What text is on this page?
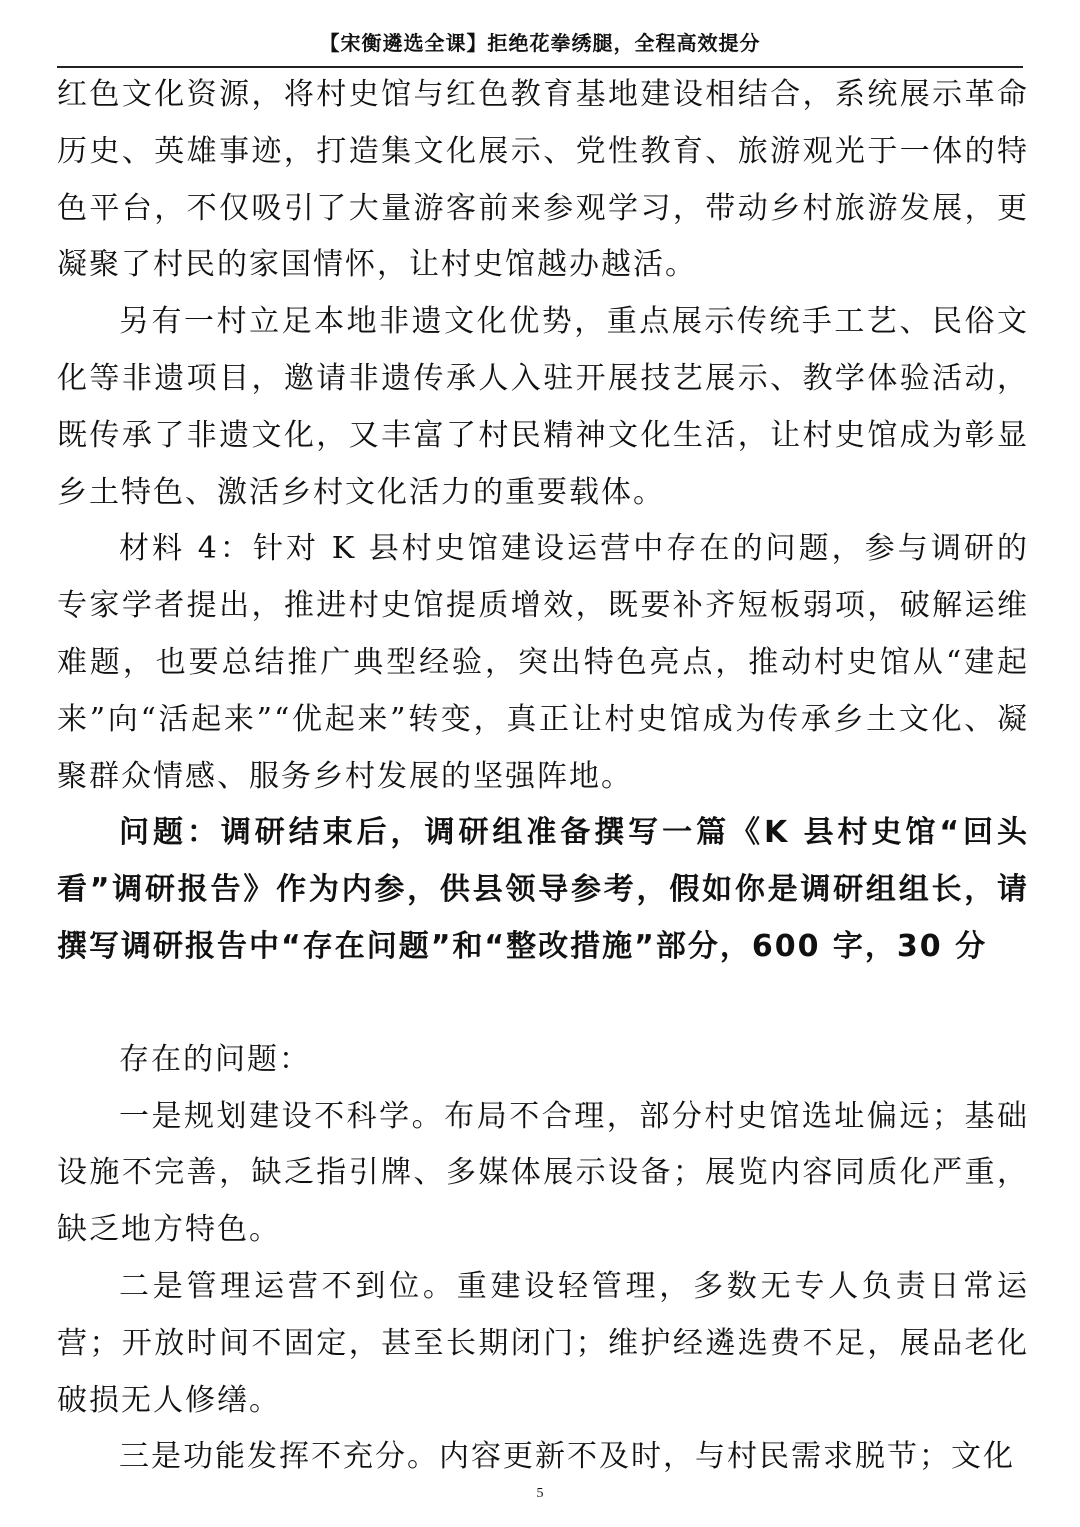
【宋衡遴选全课】拒绝花拳绣腿，全程高效提分

红色文化资源，将村史馆与红色教育基地建设相结合，系统展示革命历史、英雄事迹，打造集文化展示、党性教育、旅游观光于一体的特色平台，不仅吸引了大量游客前来参观学习，带动乡村旅游发展，更凝聚了村民的家国情怀，让村史馆越办越活。

另有一村立足本地非遗文化优势，重点展示传统手工艺、民俗文化等非遗项目，邀请非遗传承人入驻开展技艺展示、教学体验活动，既传承了非遗文化，又丰富了村民精神文化生活，让村史馆成为彰显乡土特色、激活乡村文化活力的重要载体。

材料 4：针对 K 县村史馆建设运营中存在的问题，参与调研的专家学者提出，推进村史馆提质增效，既要补齐短板弱项，破解运维难题，也要总结推广典型经验，突出特色亮点，推动村史馆从“建起来”向“活起来”“优起来”转变，真正让村史馆成为传承乡土文化、凝聚群众情感、服务乡村发展的坚强阵地。

问题：调研结束后，调研组准备撰写一篇《K 县村史馆“回头看”调研报告》作为内参，供县领导参考，假如你是调研组组长，请撰写调研报告中“存在问题”和“整改措施”部分，600 字，30 分

存在的问题：

一是规划建设不科学。布局不合理，部分村史馆选址偏远；基础设施不完善，缺乏指引牌、多媒体展示设备；展览内容同质化严重，缺乏地方特色。

二是管理运营不到位。重建设轻管理，多数无专人负责日常运营；开放时间不固定，甚至长期闭门；维护经遴选费不足，展品老化破损无人修缮。

三是功能发挥不充分。内容更新不及时，与村民需求脱节；文化

5
